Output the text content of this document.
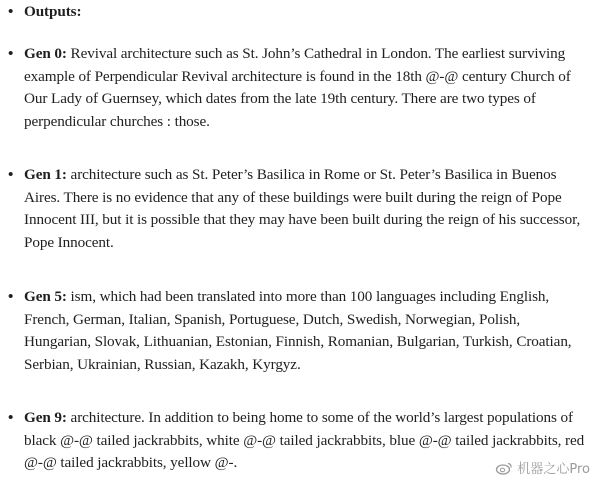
• Outputs:
• Gen 0: Revival architecture such as St. John’s Cathedral in London. The earliest surviving example of Perpendicular Revival architecture is found in the 18th @-@ century Church of Our Lady of Guernsey, which dates from the late 19th century. There are two types of perpendicular churches : those.
• Gen 1: architecture such as St. Peter’s Basilica in Rome or St. Peter’s Basilica in Buenos Aires. There is no evidence that any of these buildings were built during the reign of Pope Innocent III, but it is possible that they may have been built during the reign of his successor, Pope Innocent.
• Gen 5: ism, which had been translated into more than 100 languages including English, French, German, Italian, Spanish, Portuguese, Dutch, Swedish, Norwegian, Polish, Hungarian, Slovak, Lithuanian, Estonian, Finnish, Romanian, Bulgarian, Turkish, Croatian, Serbian, Ukrainian, Russian, Kazakh, Kyrgyz.
• Gen 9: architecture. In addition to being home to some of the world’s largest populations of black @-@ tailed jackrabbits, white @-@ tailed jackrabbits, blue @-@ tailed jackrabbits, red @-@ tailed jackrabbits, yellow @-.	机器之心Pro
